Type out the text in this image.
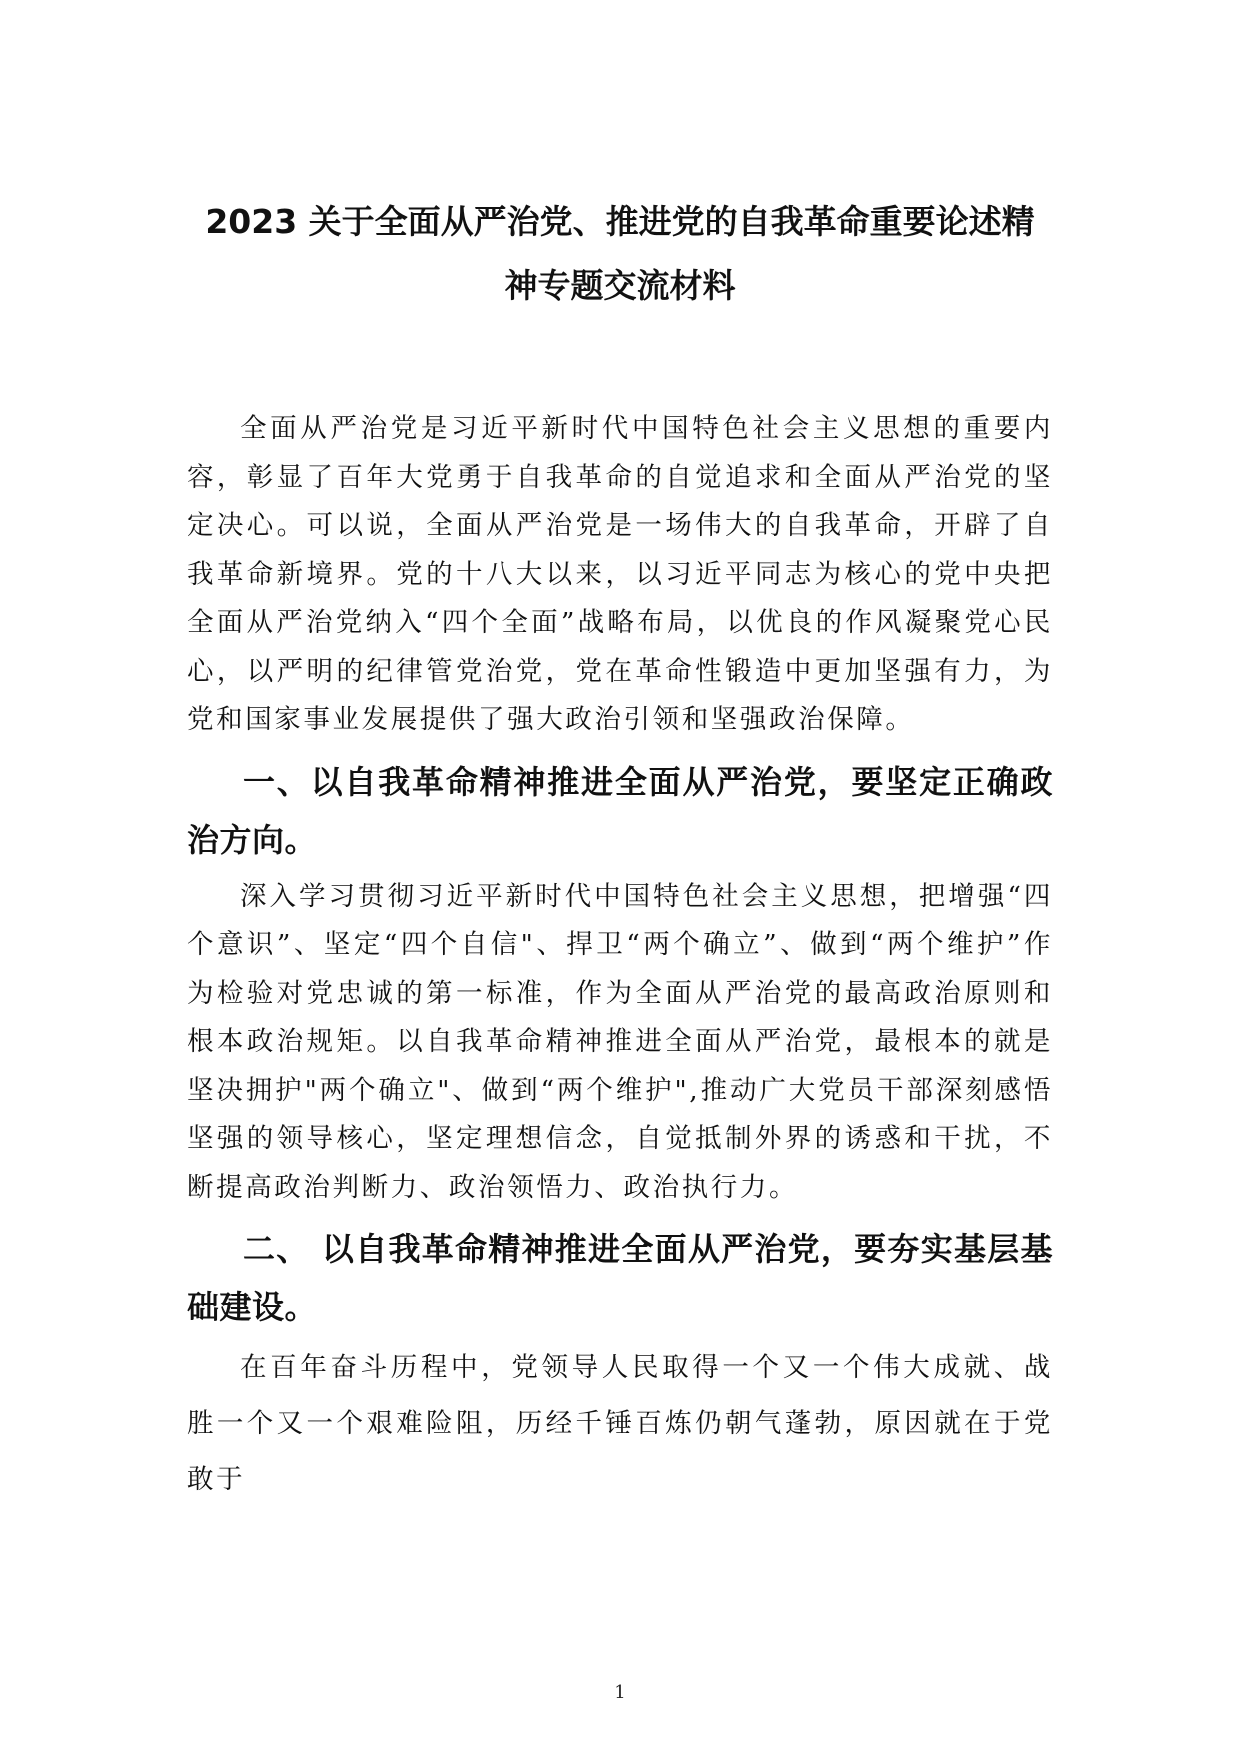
2023 关于全面从严治党、推进党的自我革命重要论述精
神专题交流材料

全面从严治党是习近平新时代中国特色社会主义思想的重要内容，彰显了百年大党勇于自我革命的自觉追求和全面从严治党的坚定决心。可以说，全面从严治党是一场伟大的自我革命，开辟了自我革命新境界。党的十八大以来，以习近平同志为核心的党中央把全面从严治党纳入“四个全面”战略布局，以优良的作风凝聚党心民心，以严明的纪律管党治党，党在革命性锻造中更加坚强有力，为党和国家事业发展提供了强大政治引领和坚强政治保障。

一、以自我革命精神推进全面从严治党，要坚定正确政治方向。

深入学习贯彻习近平新时代中国特色社会主义思想，把增强“四个意识”、坚定“四个自信"、捍卫“两个确立”、做到“两个维护”作为检验对党忠诚的第一标准，作为全面从严治党的最高政治原则和根本政治规矩。以自我革命精神推进全面从严治党，最根本的就是坚决拥护"两个确立"、做到“两个维护",推动广大党员干部深刻感悟坚强的领导核心，坚定理想信念，自觉抵制外界的诱惑和干扰，不断提高政治判断力、政治领悟力、政治执行力。

二、 以自我革命精神推进全面从严治党，要夯实基层基础建设。

在百年奋斗历程中，党领导人民取得一个又一个伟大成就、战胜一个又一个艰难险阻，历经千锤百炼仍朝气蓬勃，原因就在于党敢于

1
